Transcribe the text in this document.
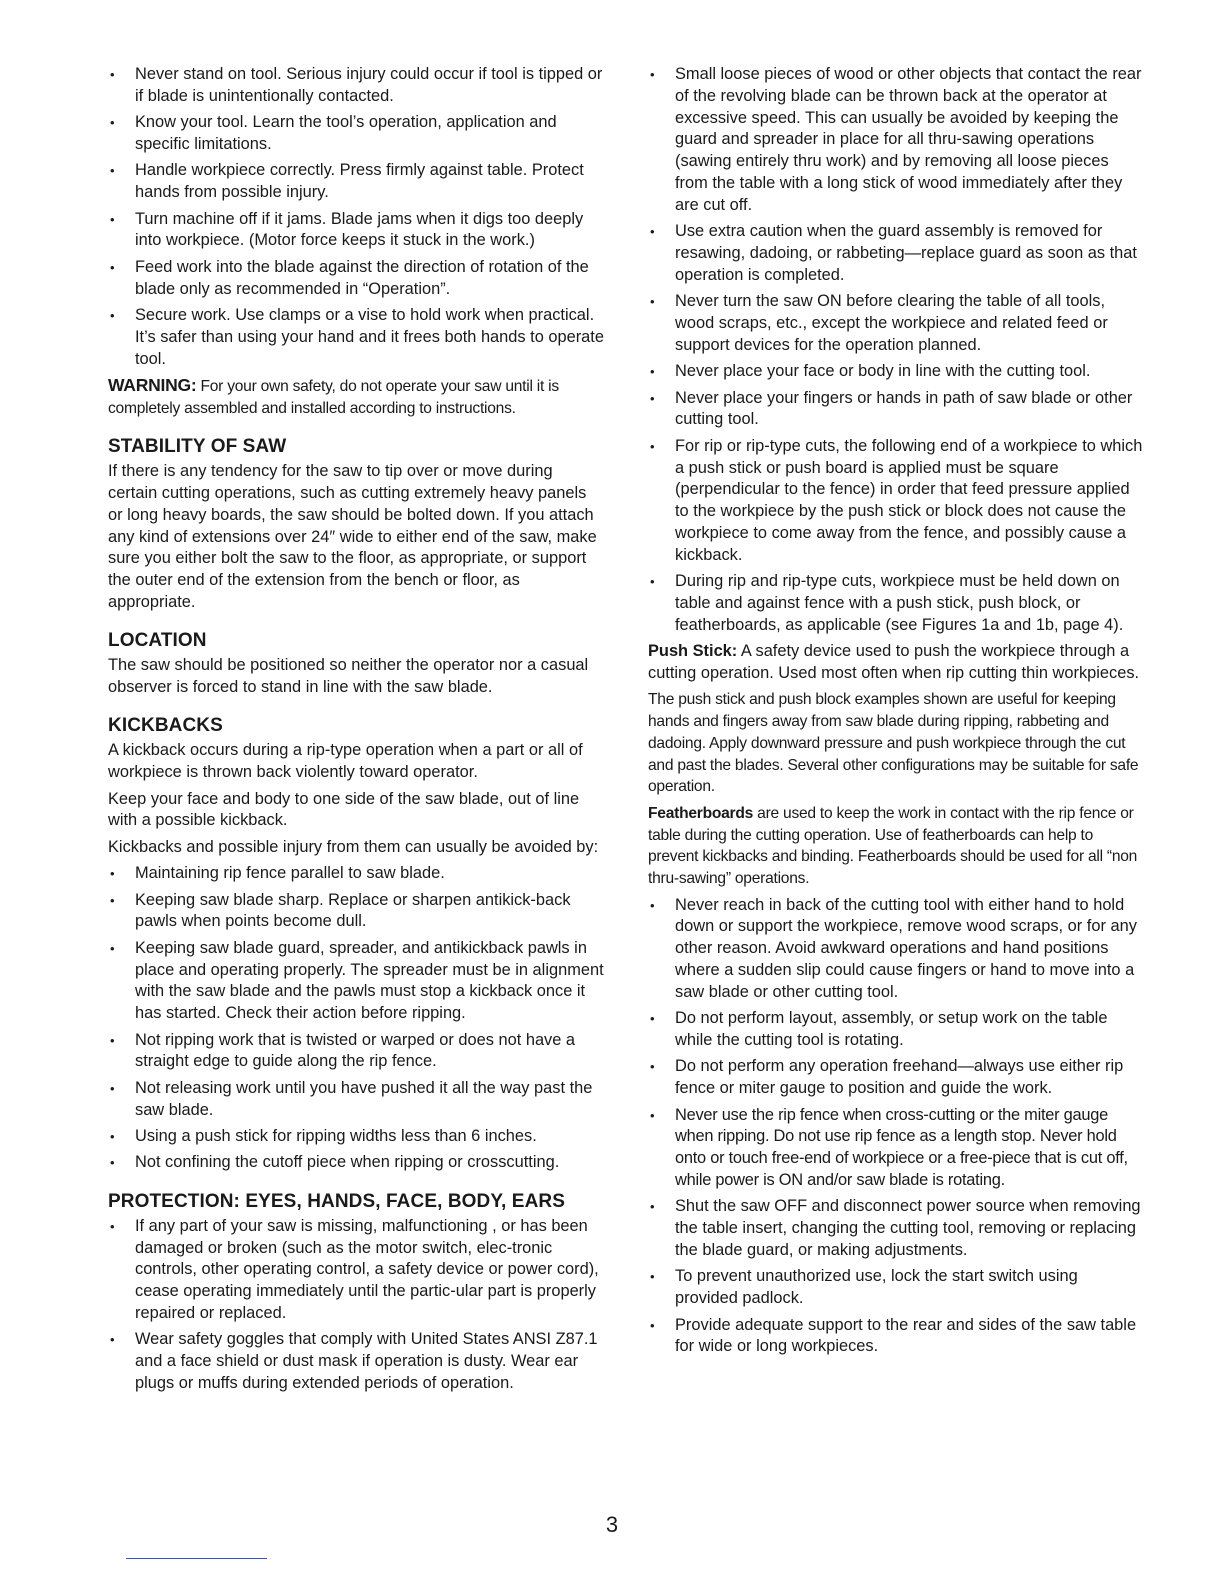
• Never stand on tool. Serious injury could occur if tool is tipped or if blade is unintentionally contacted.
• Know your tool. Learn the tool’s operation, application and specific limitations.
• Handle workpiece correctly. Press firmly against table. Protect hands from possible injury.
• Turn machine off if it jams. Blade jams when it digs too deeply into workpiece. (Motor force keeps it stuck in the work.)
• Feed work into the blade against the direction of rotation of the blade only as recommended in “Operation”.
• Secure work. Use clamps or a vise to hold work when practical. It’s safer than using your hand and it frees both hands to operate tool.

WARNING: For your own safety, do not operate your saw until it is completely assembled and installed according to instructions.

STABILITY OF SAW

If there is any tendency for the saw to tip over or move during certain cutting operations, such as cutting extremely heavy panels or long heavy boards, the saw should be bolted down. If you attach any kind of extensions over 24″ wide to either end of the saw, make sure you either bolt the saw to the floor, as appropriate, or support the outer end of the extension from the bench or floor, as appropriate.

LOCATION

The saw should be positioned so neither the operator nor a casual observer is forced to stand in line with the saw blade.

KICKBACKS

A kickback occurs during a rip-type operation when a part or all of workpiece is thrown back violently toward operator.

Keep your face and body to one side of the saw blade, out of line with a possible kickback.

Kickbacks and possible injury from them can usually be avoided by:

• Maintaining rip fence parallel to saw blade.
• Keeping saw blade sharp. Replace or sharpen antikick-back pawls when points become dull.
• Keeping saw blade guard, spreader, and antikickback pawls in place and operating properly. The spreader must be in alignment with the saw blade and the pawls must stop a kickback once it has started. Check their action before ripping.
• Not ripping work that is twisted or warped or does not have a straight edge to guide along the rip fence.
• Not releasing work until you have pushed it all the way past the saw blade.
• Using a push stick for ripping widths less than 6 inches.
• Not confining the cutoff piece when ripping or crosscutting.
PROTECTION: EYES, HANDS, FACE, BODY, EARS
• If any part of your saw is missing, malfunctioning , or has been damaged or broken (such as the motor switch, elec-tronic controls, other operating control, a safety device or power cord), cease operating immediately until the partic-ular part is properly repaired or replaced.
• Wear safety goggles that comply with United States ANSI Z87.1 and a face shield or dust mask if operation is dusty. Wear ear plugs or muffs during extended periods of operation.
• Small loose pieces of wood or other objects that contact the rear of the revolving blade can be thrown back at the operator at excessive speed. This can usually be avoided by keeping the guard and spreader in place for all thru-sawing operations (sawing entirely thru work) and by removing all loose pieces from the table with a long stick of wood immediately after they are cut off.
• Use extra caution when the guard assembly is removed for resawing, dadoing, or rabbeting—replace guard as soon as that operation is completed.
• Never turn the saw ON before clearing the table of all tools, wood scraps, etc., except the workpiece and related feed or support devices for the operation planned.
• Never place your face or body in line with the cutting tool.
• Never place your fingers or hands in path of saw blade or other cutting tool.
• For rip or rip-type cuts, the following end of a workpiece to which a push stick or push board is applied must be square (perpendicular to the fence) in order that feed pressure applied to the workpiece by the push stick or block does not cause the workpiece to come away from the fence, and possibly cause a kickback.
• During rip and rip-type cuts, workpiece must be held down on table and against fence with a push stick, push block, or featherboards, as applicable (see Figures 1a and 1b, page 4).

Push Stick: A safety device used to push the workpiece through a cutting operation. Used most often when rip cutting thin workpieces.

The push stick and push block examples shown are useful for keeping hands and fingers away from saw blade during ripping, rabbeting and dadoing. Apply downward pressure and push workpiece through the cut and past the blades. Several other configurations may be suitable for safe operation.

Featherboards are used to keep the work in contact with the rip fence or table during the cutting operation. Use of featherboards can help to prevent kickbacks and binding. Featherboards should be used for all “non thru-sawing” operations.

• Never reach in back of the cutting tool with either hand to hold down or support the workpiece, remove wood scraps, or for any other reason. Avoid awkward operations and hand positions where a sudden slip could cause fingers or hand to move into a saw blade or other cutting tool.
• Do not perform layout, assembly, or setup work on the table while the cutting tool is rotating.
• Do not perform any operation freehand—always use either rip fence or miter gauge to position and guide the work.
• Never use the rip fence when cross-cutting or the miter gauge when ripping. Do not use rip fence as a length stop. Never hold onto or touch free-end of workpiece or a free-piece that is cut off, while power is ON and/or saw blade is rotating.
• Shut the saw OFF and disconnect power source when removing the table insert, changing the cutting tool, removing or replacing the blade guard, or making adjustments.
• To prevent unauthorized use, lock the start switch using provided padlock.
• Provide adequate support to the rear and sides of the saw table for wide or long workpieces.
3
